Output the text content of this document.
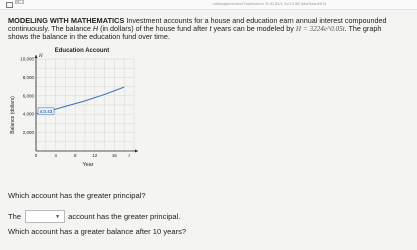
8C3	...ldfassignment/ch7ss/book/m Tc ID 81/1 2c/13 9B /Ma/Sasnl/914

MODELING WITH MATHEMATICS Investment accounts for a house and education earn annual interest compounded
continuously. The balance H (in dollars) of the house fund after t years can be modeled by H = 3224e^0.05t. The graph
shows the balance in the education fund over time.

Education Account
Balance (dollars)
Year
H
0	4	8	12	16	t
2,000
4,000
6,000
8,000
10,000
4,0,43
Which account has the greater principal?
The	▼ account has the greater principal.
Which account has a greater balance after 10 years?
